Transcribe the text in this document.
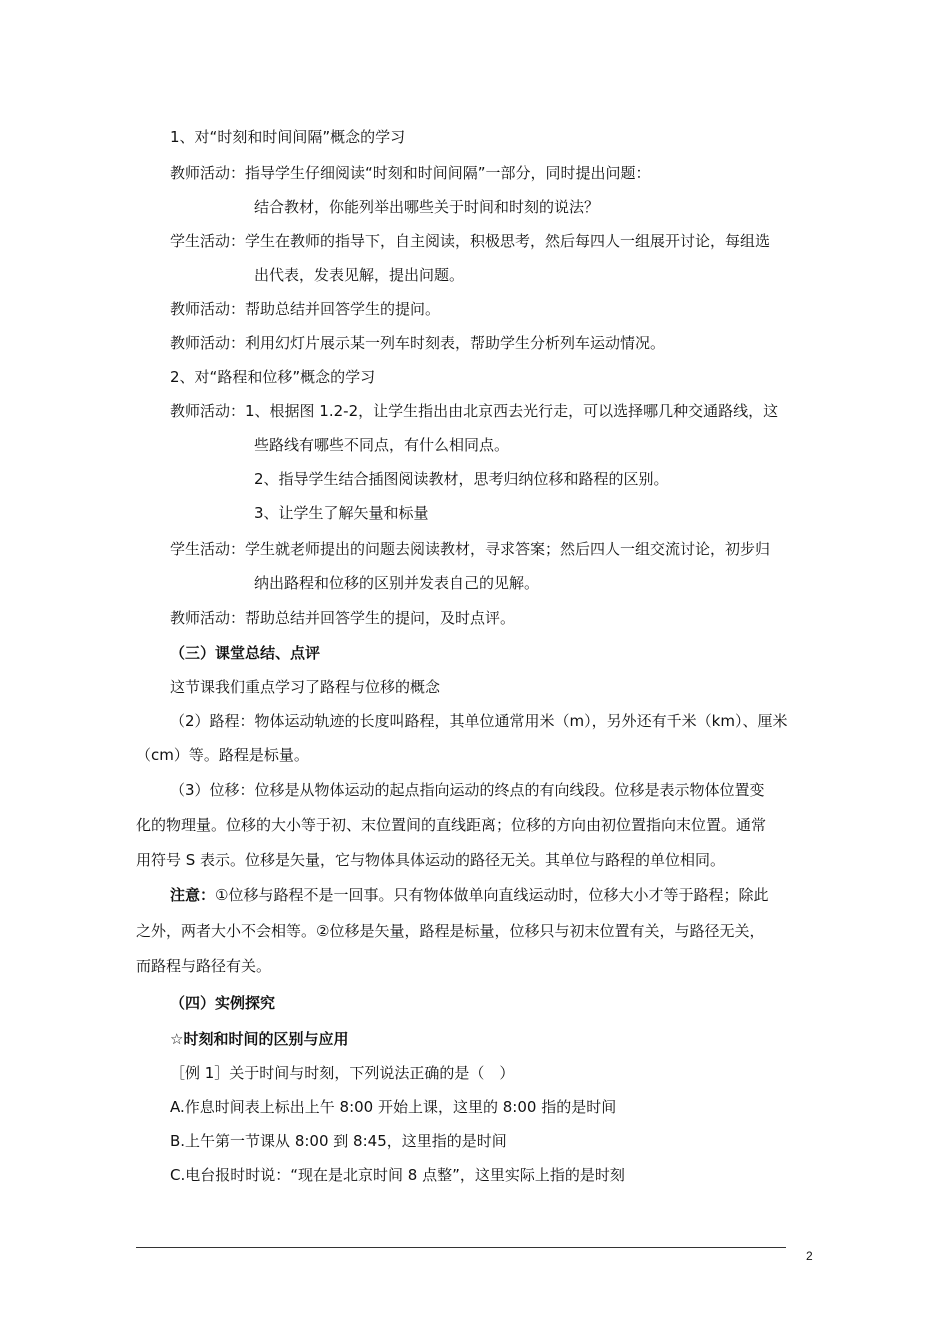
1、对“时刻和时间间隔”概念的学习
教师活动：指导学生仔细阅读“时刻和时间间隔”一部分，同时提出问题：
结合教材，你能列举出哪些关于时间和时刻的说法？
学生活动：学生在教师的指导下，自主阅读，积极思考，然后每四人一组展开讨论，每组选
出代表，发表见解，提出问题。
教师活动：帮助总结并回答学生的提问。
教师活动：利用幻灯片展示某一列车时刻表，帮助学生分析列车运动情况。
2、对“路程和位移”概念的学习
教师活动：1、根据图 1.2-2，让学生指出由北京西去光行走，可以选择哪几种交通路线，这
些路线有哪些不同点，有什么相同点。
2、指导学生结合插图阅读教材，思考归纳位移和路程的区别。
3、让学生了解矢量和标量
学生活动：学生就老师提出的问题去阅读教材，寻求答案；然后四人一组交流讨论，初步归
纳出路程和位移的区别并发表自己的见解。
教师活动：帮助总结并回答学生的提问，及时点评。
（三）课堂总结、点评
这节课我们重点学习了路程与位移的概念
（2）路程：物体运动轨迹的长度叫路程，其单位通常用米（m），另外还有千米（km）、厘米
（cm）等。路程是标量。
（3）位移：位移是从物体运动的起点指向运动的终点的有向线段。位移是表示物体位置变
化的物理量。位移的大小等于初、末位置间的直线距离；位移的方向由初位置指向末位置。通常
用符号 S 表示。位移是矢量，它与物体具体运动的路径无关。其单位与路程的单位相同。
注意：①位移与路程不是一回事。只有物体做单向直线运动时，位移大小才等于路程；除此
之外，两者大小不会相等。②位移是矢量，路程是标量，位移只与初末位置有关，与路径无关，
而路程与路径有关。
（四）实例探究
☆时刻和时间的区别与应用
［例 1］关于时间与时刻，下列说法正确的是（　）
A.作息时间表上标出上午 8:00 开始上课，这里的 8:00 指的是时间
B.上午第一节课从 8:00 到 8:45，这里指的是时间
C.电台报时时说：“现在是北京时间 8 点整”，这里实际上指的是时刻
2
